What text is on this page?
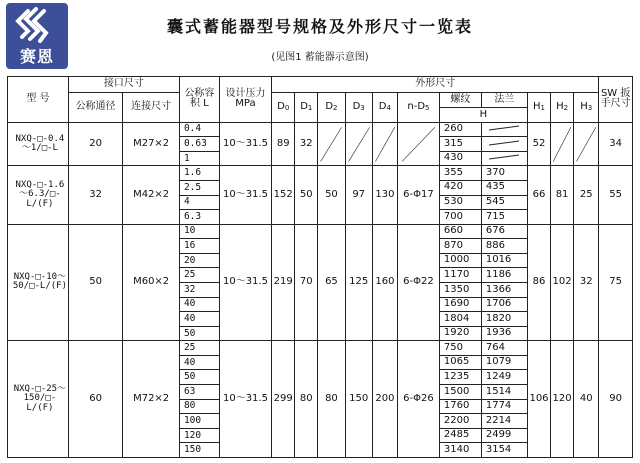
赛恩
囊式蓄能器型号规格及外形尺寸一览表
(见图1 蓄能器示意图)
型 号	接口尺寸		公称容积 L	设计压力 MPa	外形尺寸											SW 扳手尺寸
	公称通径	连接尺寸			$D_0$	$D_1$	$D_2$	$D_3$	$D_4$	$n-D_5$	螺纹	法兰	$H_1$	$H_2$	$H_3$
											H					
NXQ-□-0.4～1/□-L	20	M27×2	0.4	10～31.5	89	32					260		52			34
			0.63								315	
			1								430	
NXQ-□-1.6～6.3/□-L/(F)	32	M42×2	1.6	10～31.5	152	50	50	97	130	6-Φ17	355	370	66	81	25	55
			2.5								420	435				
			4								530	545				
			6.3								700	715				
NXQ-□-10～50/□-L/(F)	50	M60×2	10	10～31.5	219	70	65	125	160	6-Φ22	660	676	86	102	32	75
			16								870	886				
			20								1000	1016				
			25								1170	1186				
			32								1350	1366				
			40								1690	1706				
			40								1804	1820				
			50								1920	1936				
NXQ-□-25～150/□-L/(F)	60	M72×2	25	10～31.5	299	80	80	150	200	6-Φ26	750	764	106	120	40	90
			40								1065	1079				
			50								1235	1249				
			63								1500	1514				
			80								1760	1774				
			100								2200	2214				
			120								2485	2499				
			150								3140	3154				
